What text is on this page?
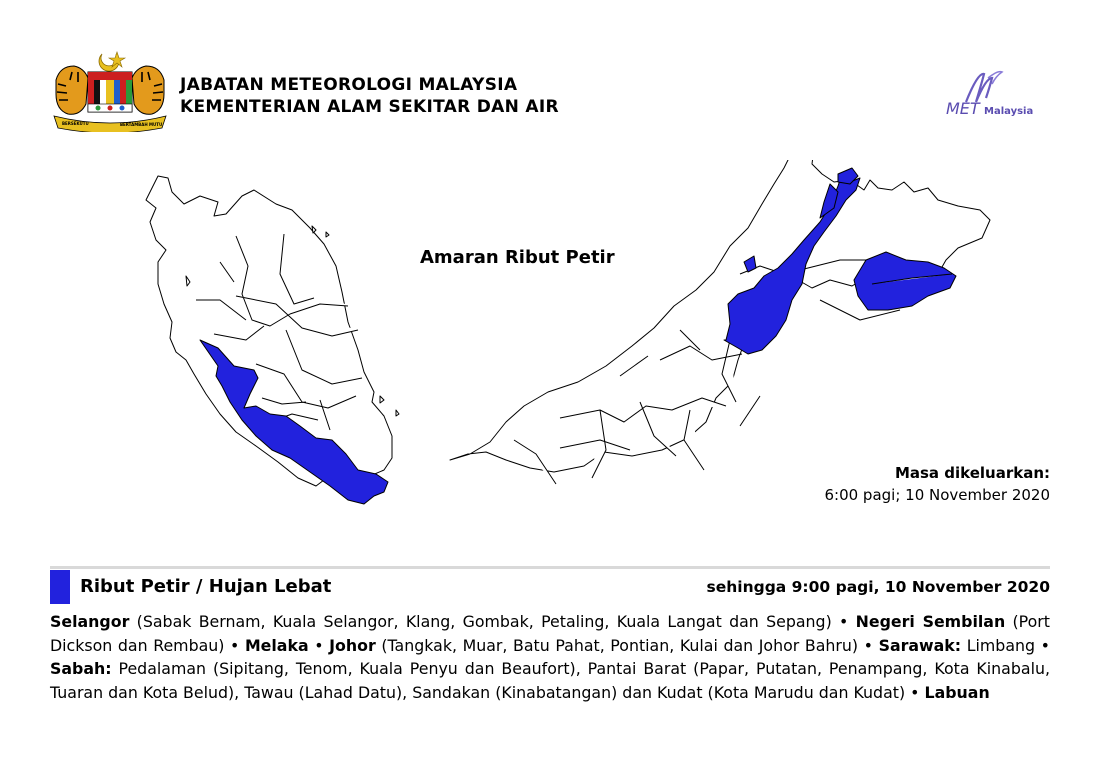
BERSEKUTU	BERTAMBAH MUTU
JABATAN METEOROLOGI MALAYSIA
KEMENTERIAN ALAM SEKITAR DAN AIR	MET Malaysia
Amaran Ribut Petir
Masa dikeluarkan:
6:00 pagi; 10 November 2020
Ribut Petir / Hujan Lebat	sehingga 9:00 pagi, 10 November 2020
Selangor (Sabak Bernam, Kuala Selangor, Klang, Gombak, Petaling, Kuala Langat dan Sepang) • Negeri Sembilan (Port Dickson dan Rembau) • Melaka • Johor (Tangkak, Muar, Batu Pahat, Pontian, Kulai dan Johor Bahru) • Sarawak: Limbang • Sabah: Pedalaman (Sipitang, Tenom, Kuala Penyu dan Beaufort), Pantai Barat (Papar, Putatan, Penampang, Kota Kinabalu, Tuaran dan Kota Belud), Tawau (Lahad Datu), Sandakan (Kinabatangan) dan Kudat (Kota Marudu dan Kudat) • Labuan
